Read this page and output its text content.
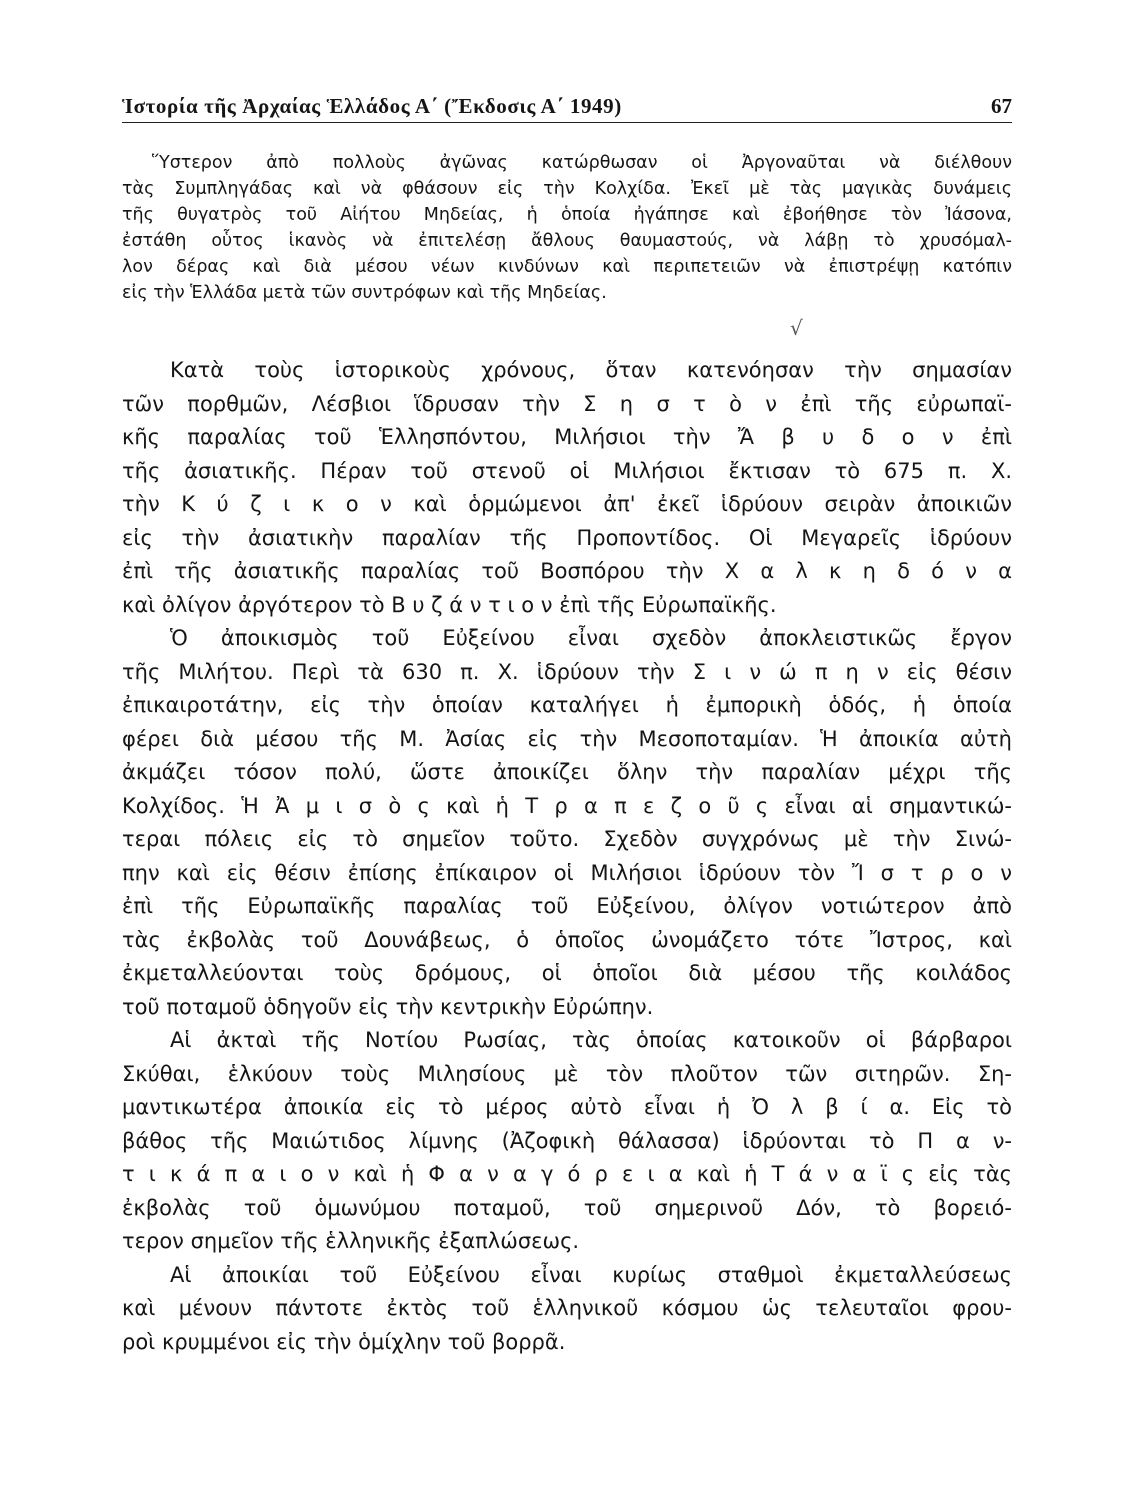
Ἱστορία τῆς Ἀρχαίας Ἑλλάδος Α΄ (Ἔκδοσις Α΄ 1949)	67
Ὕστερον ἀπὸ πολλοὺς ἀγῶνας κατώρθωσαν οἱ Ἀργοναῦται νὰ διέλθουν
τὰς Συμπληγάδας καὶ νὰ φθάσουν εἰς τὴν Κολχίδα. Ἐκεῖ μὲ τὰς μαγικὰς δυνάμεις
τῆς θυγατρὸς τοῦ Αἰήτου Μηδείας, ἡ ὁποία ἠγάπησε καὶ ἐβοήθησε τὸν Ἰάσονα,
ἐστάθη οὗτος ἱκανὸς νὰ ἐπιτελέσῃ ἄθλους θαυμαστούς, νὰ λάβῃ τὸ χρυσόμαλ-
λον δέρας καὶ διὰ μέσου νέων κινδύνων καὶ περιπετειῶν νὰ ἐπιστρέψῃ κατόπιν
εἰς τὴν Ἑλλάδα μετὰ τῶν συντρόφων καὶ τῆς Μηδείας.
√
Κατὰ τοὺς ἱστορικοὺς χρόνους, ὅταν κατενόησαν τὴν σημασίαν
τῶν πορθμῶν, Λέσβιοι ἵδρυσαν τὴν Σ η σ τ ὸ ν ἐπὶ τῆς εὐρωπαϊ-
κῆς παραλίας τοῦ Ἑλλησπόντου, Μιλήσιοι τὴν Ἄ β υ δ ο ν ἐπὶ
τῆς ἀσιατικῆς. Πέραν τοῦ στενοῦ οἱ Μιλήσιοι ἔκτισαν τὸ 675 π. Χ.
τὴν Κ ύ ζ ι κ ο ν καὶ ὁρμώμενοι ἀπ' ἐκεῖ ἱδρύουν σειρὰν ἀποικιῶν
εἰς τὴν ἀσιατικὴν παραλίαν τῆς Προποντίδος. Οἱ Μεγαρεῖς ἱδρύουν
ἐπὶ τῆς ἀσιατικῆς παραλίας τοῦ Βοσπόρου τὴν Χ α λ κ η δ ό ν α
καὶ ὀλίγον ἀργότερον τὸ Β υ ζ ά ν τ ι ο ν ἐπὶ τῆς Εὐρωπαϊκῆς.
Ὁ ἀποικισμὸς τοῦ Εὐξείνου εἶναι σχεδὸν ἀποκλειστικῶς ἔργον
τῆς Μιλήτου. Περὶ τὰ 630 π. Χ. ἱδρύουν τὴν Σ ι ν ώ π η ν εἰς θέσιν
ἐπικαιροτάτην, εἰς τὴν ὁποίαν καταλήγει ἡ ἐμπορικὴ ὁδός, ἡ ὁποία
φέρει διὰ μέσου τῆς Μ. Ἀσίας εἰς τὴν Μεσοποταμίαν. Ἡ ἀποικία αὐτὴ
ἀκμάζει τόσον πολύ, ὥστε ἀποικίζει ὅλην τὴν παραλίαν μέχρι τῆς
Κολχίδος. Ἡ Ἀ μ ι σ ὸ ς καὶ ἡ Τ ρ α π ε ζ ο ῦ ς εἶναι αἱ σημαντικώ-
τεραι πόλεις εἰς τὸ σημεῖον τοῦτο. Σχεδὸν συγχρόνως μὲ τὴν Σινώ-
πην καὶ εἰς θέσιν ἐπίσης ἐπίκαιρον οἱ Μιλήσιοι ἱδρύουν τὸν Ἴ σ τ ρ ο ν
ἐπὶ τῆς Εὐρωπαϊκῆς παραλίας τοῦ Εὐξείνου, ὀλίγον νοτιώτερον ἀπὸ
τὰς ἐκβολὰς τοῦ Δουνάβεως, ὁ ὁποῖος ὠνομάζετο τότε Ἴστρος, καὶ
ἐκμεταλλεύονται τοὺς δρόμους, οἱ ὁποῖοι διὰ μέσου τῆς κοιλάδος
τοῦ ποταμοῦ ὁδηγοῦν εἰς τὴν κεντρικὴν Εὐρώπην.
Αἱ ἀκταὶ τῆς Νοτίου Ρωσίας, τὰς ὁποίας κατοικοῦν οἱ βάρβαροι
Σκύθαι, ἑλκύουν τοὺς Μιλησίους μὲ τὸν πλοῦτον τῶν σιτηρῶν. Ση-
μαντικωτέρα ἀποικία εἰς τὸ μέρος αὐτὸ εἶναι ἡ Ὀ λ β ί α. Εἰς τὸ
βάθος τῆς Μαιώτιδος λίμνης (Ἀζοφικὴ θάλασσα) ἱδρύονται τὸ Π α ν-
τ ι κ ά π α ι ο ν καὶ ἡ Φ α ν α γ ό ρ ε ι α καὶ ἡ Τ ά ν α ϊ ς εἰς τὰς
ἐκβολὰς τοῦ ὁμωνύμου ποταμοῦ, τοῦ σημερινοῦ Δόν, τὸ βορειό-
τερον σημεῖον τῆς ἑλληνικῆς ἐξαπλώσεως.
Αἱ ἀποικίαι τοῦ Εὐξείνου εἶναι κυρίως σταθμοὶ ἐκμεταλλεύσεως
καὶ μένουν πάντοτε ἐκτὸς τοῦ ἑλληνικοῦ κόσμου ὡς τελευταῖοι φρου-
ροὶ κρυμμένοι εἰς τὴν ὁμίχλην τοῦ βορρᾶ.
